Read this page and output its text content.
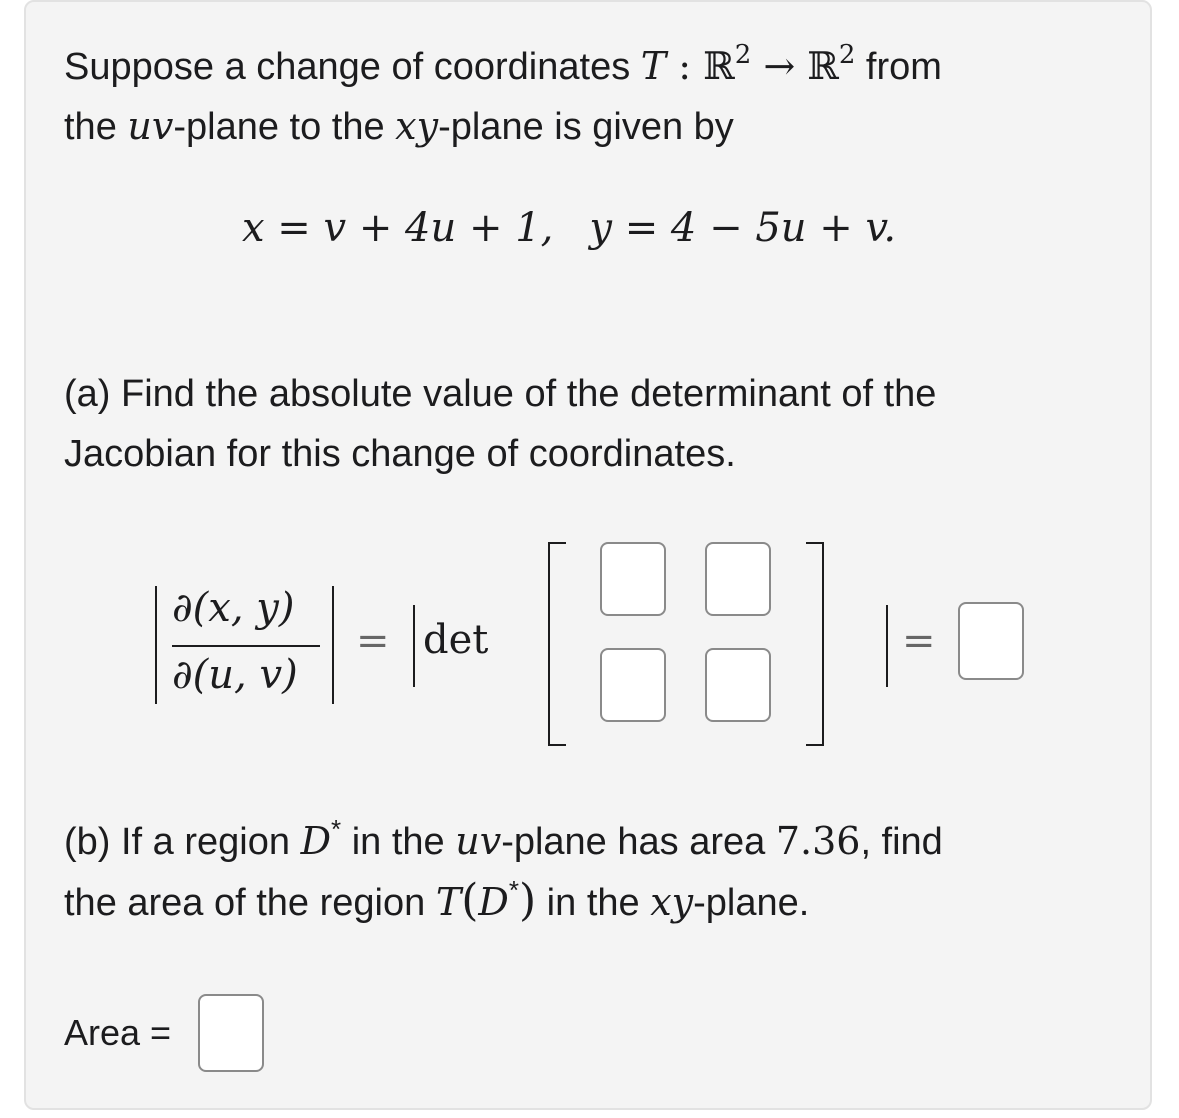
Suppose a change of coordinates T : ℝ$^2$ → ℝ$^2$ from
the uv-plane to the xy-plane is given by
x = v + 4u + 1, y = 4 − 5u + v.
(a) Find the absolute value of the determinant of the
Jacobian for this change of coordinates.
∂(x, y)
∂(u, v)
= det	=
(b) If a region D* in the uv-plane has area 7.36, find
the area of the region T(D*) in the xy-plane.
Area =
